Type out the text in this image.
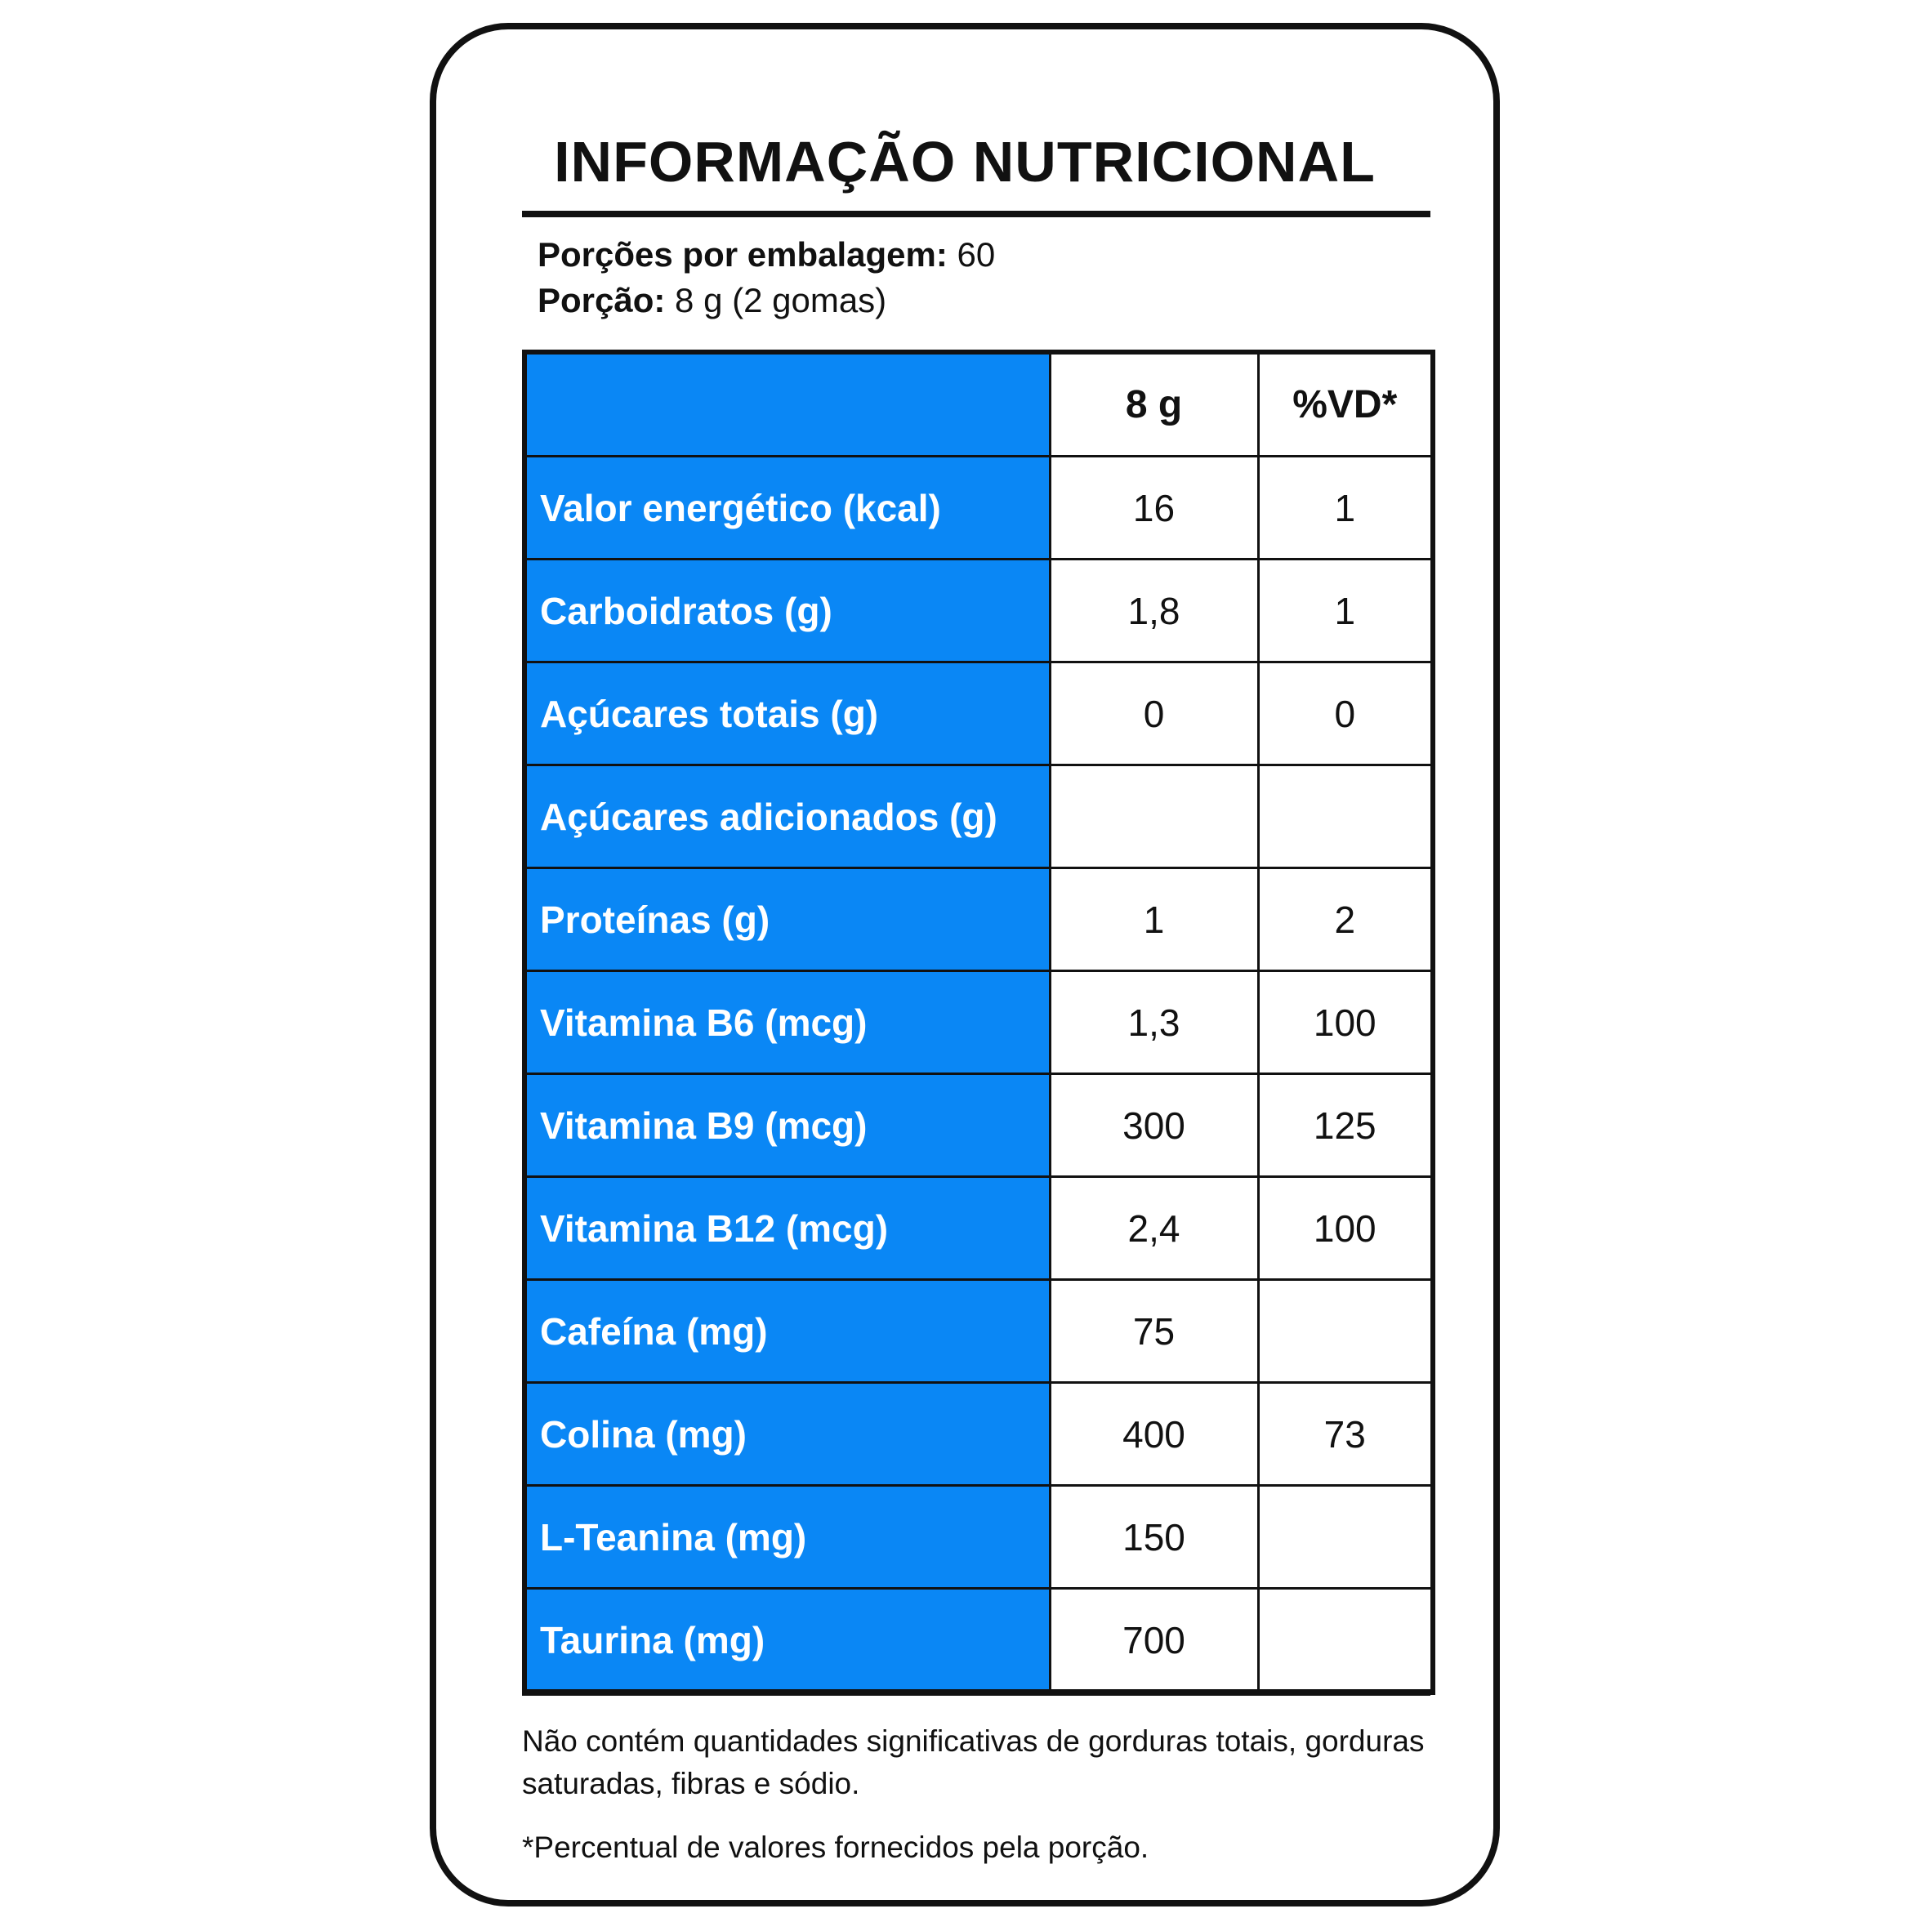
INFORMAÇÃO NUTRICIONAL
Porções por embalagem: 60
Porção: 8 g (2 gomas)
	8 g	%VD*
Valor energético (kcal)	16	1
Carboidratos (g)	1,8	1
Açúcares totais (g)	0	0
Açúcares adicionados (g)		
Proteínas (g)	1	2
Vitamina B6 (mcg)	1,3	100
Vitamina B9 (mcg)	300	125
Vitamina B12 (mcg)	2,4	100
Cafeína (mg)	75	
Colina (mg)	400	73
L-Teanina (mg)	150	
Taurina (mg)	700	
Não contém quantidades significativas de gorduras totais, gorduras saturadas, fibras e sódio.
*Percentual de valores fornecidos pela porção.
